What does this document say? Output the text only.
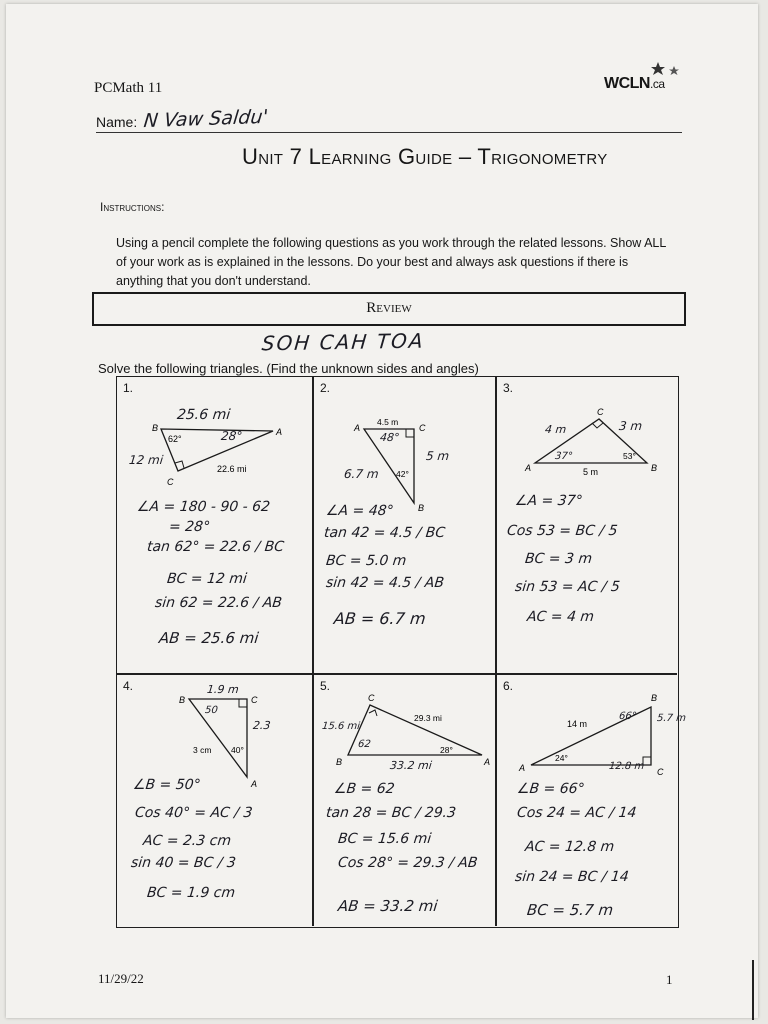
PCMath 11	WCLN.ca
Name: N Vaw Saldu'
Unit 7 Learning Guide – Trigonometry
Instructions:
Using a pencil complete the following questions as you work through the related lessons. Show ALL of your work as is explained in the lessons. Do your best and always ask questions if there is anything that you don't understand.
Review
SOH CAH TOA
Solve the following triangles. (Find the unknown sides and angles)
1.
B	A
C
62°
22.6 mi
25.6 mi
28°
12 mi
∠A = 180 - 90 - 62
= 28°
tan 62° = 22.6 / BC
BC = 12 mi
sin 62 = 22.6 / AB
AB = 25.6 mi
2.
A	C
B
4.5 m
42°
48°
5 m
6.7 m
∠A = 48°
tan 42 = 4.5 / BC
BC = 5.0 m
sin 42 = 4.5 / AB
AB = 6.7 m
3.
A	B
C
5 m
53°
4 m	3 m
37°
∠A = 37°
Cos 53 = BC / 5
BC = 3 m
sin 53 = AC / 5
AC = 4 m
4.
B	C
A
3 cm 40°
1.9 m
50
2.3
∠B = 50°
Cos 40° = AC / 3
AC = 2.3 cm
sin 40 = BC / 3
BC = 1.9 cm
5.
B	A
C
29.3 mi
28°
15.6 mi
62
33.2 mi
∠B = 62
tan 28 = BC / 29.3
BC = 15.6 mi
Cos 28° = 29.3 / AB
AB = 33.2 mi
6.
A	C
B
14 m
24°
66° 5.7 m
12.8 m
∠B = 66°
Cos 24 = AC / 14
AC = 12.8 m
sin 24 = BC / 14
BC = 5.7 m
11/29/22	1
